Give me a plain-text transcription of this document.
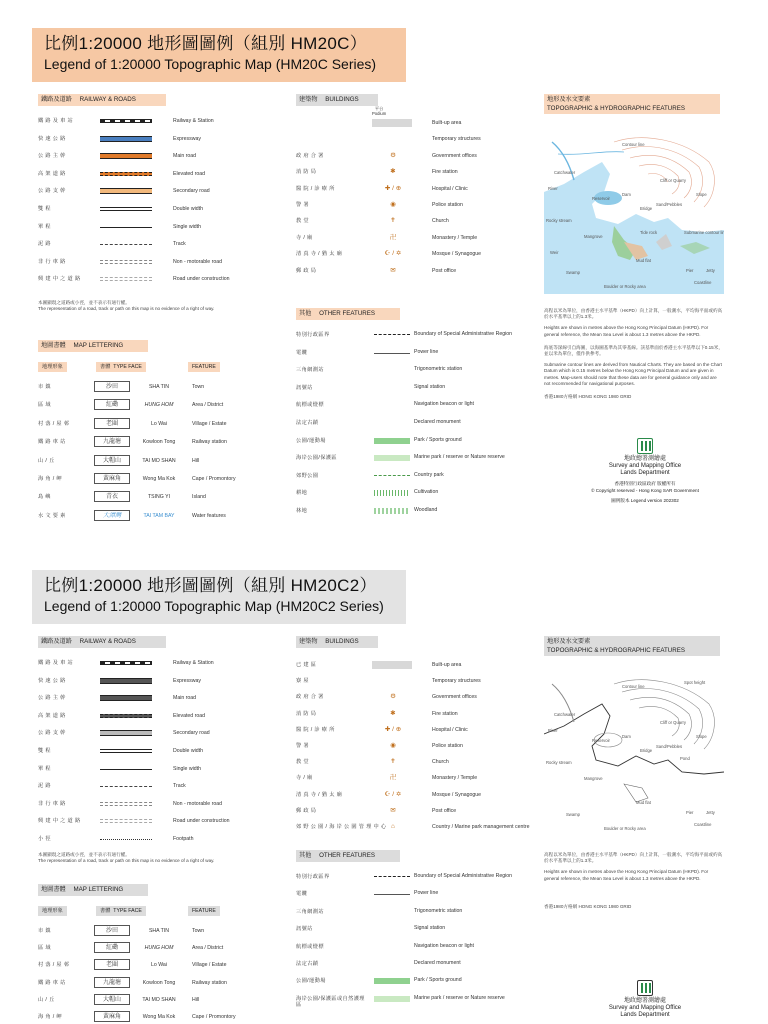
比例1:20000 地形圖圖例（組別 HM20C）
Legend of 1:20000 Topographic Map (HM20C Series)
鐵路及道路 RAILWAY & ROADS
鐵路及車站	Railway & Station
快速公路	Expressway
公路主幹	Main road
高架道路	Elevated road
公路支幹	Secondary road
雙程	Double width
單程	Single width
泥路	Track
非行車路	Non - motorable road
興建中之道路	Road under construction
本圖顯現之道路或小徑，並不表示有通行權。
The representation of a road, track or path on this map is no evidence of a right of way.
地圖書體 MAP LETTERING
地理形象	書體 TYPE FACE	FEATURE
市鎮	沙田	SHA TIN	Town
區域	紅磡	HUNG HOM	Area / District
村落/屋邨	老圍	Lo Wai	Village / Estate
鐵路車站	九龍塘	Kowloon Tong	Railway station
山/丘	大帽山	TAI MO SHAN	Hill
海角/岬	黃麻角	Wong Ma Kok	Cape / Promontory
島嶼	青衣	TSING YI	Island
水文要素	大潭灣	TAI TAM BAY	Water features
建築物 BUILDINGS
平台
Podium
Built-up area
Temporary structures
政府合署	⚙	Government offices
消防局	✱	Fire station
醫院/診療所	✚ / ⊕	Hospital / Clinic
警署	◉	Police station
教堂	✝	Church
寺/廟	卍	Monastery / Temple
清真寺/猶太廟	☪ / ✡	Mosque / Synagogue
郵政局	✉	Post office
其他 OTHER FEATURES
特別行政區界	Boundary of Special Administrative Region
電纜	Power line
三角網測站	Trigonometric station
訊號站	Signal station
航標或燈標	Navigation beacon or light
法定古蹟	Declared monument
公園/運動場	Park / Sports ground
海岸公園/保護區	Marine park / reserve or Nature reserve
郊野公園	Country park
耕地	Cultivation
林地	Woodland
地形及水文要素
TOPOGRAPHIC & HYDROGRAPHIC FEATURES
Contour line
Catchwater
River
Cliff or Quarry
Slope
Reservoir
Dam
Sand/Pebbles
Bridge
Rocky stream
Mangrove
Tide rock	Submarine contour line
Mud flat
Weir
Swamp
Boulder or Rocky area
Pier	Jetty
Coastline
高程以米為單位，由香港主水平基準（HKPD）向上計算，一般潮水，平均海平面或約高於水平基準以上的1.3米。
Heights are shown in metres above the Hong Kong Principal Datum (HKPD). For general reference, the Mean Sea Level is about 1.3 metres above the HKPD.
海底等深線引自海圖，以海圖基準為其零基線。該基準面於香港主水平基準以下0.15米，並以米為單位，僅作供參考。
Submarine contour lines are derived from Nautical Charts. They are based on the Chart Datum which is 0.15 metres below the Hong Kong Principal Datum and are given in metres. Map-users should note that these data are for general guidance only and are not recommended for navigational purposes.
香港1980方格網 HONG KONG 1980 GRID
地政總署測繪處
Survey and Mapping Office
Lands Department
香港特別行政區政府 版權所有
© Copyright reserved - Hong Kong SAR Government
圖例版本 Legend version 202302
比例1:20000 地形圖圖例（組別 HM20C2）
Legend of 1:20000 Topographic Map (HM20C2 Series)
鐵路及道路 RAILWAY & ROADS
鐵路及車站	Railway & Station
快速公路	Expressway
公路主幹	Main road
高架道路	Elevated road
公路支幹	Secondary road
雙程	Double width
單程	Single width
泥路	Track
非行車路	Non - motorable road
興建中之道路	Road under construction
小徑	Footpath
本圖顯現之道路或小徑，並不表示有通行權。
The representation of a road, track or path on this map is no evidence of a right of way.
地圖書體 MAP LETTERING
地理形象	書體 TYPE FACE	FEATURE
市鎮	沙田	SHA TIN	Town
區域	紅磡	HUNG HOM	Area / District
村落/屋邨	老圍	Lo Wai	Village / Estate
鐵路車站	九龍塘	Kowloon Tong	Railway station
山/丘	大帽山	TAI MO SHAN	Hill
海角/岬	黃麻角	Wong Ma Kok	Cape / Promontory
建築物 BUILDINGS
已建區	Built-up area
寮屋	Temporary structures
政府合署	⚙	Government offices
消防局	✱	Fire station
醫院/診療所	✚ / ⊕	Hospital / Clinic
警署	◉	Police station
教堂	✝	Church
寺/廟	卍	Monastery / Temple
清真寺/猶太廟	☪ / ✡	Mosque / Synagogue
郵政局	✉	Post office
郊野公園/海岸公園管理中心 ⌂	Country / Marine park management centre
其他 OTHER FEATURES
特別行政區界	Boundary of Special Administrative Region
電纜	Power line
三角網測站	Trigonometric station
訊號站	Signal station
航標或燈標	Navigation beacon or light
法定古蹟	Declared monument
公園/運動場	Park / Sports ground
海岸公園/保護區或自然護理區
Marine park / reserve or Nature reserve
地形及水文要素
TOPOGRAPHIC & HYDROGRAPHIC FEATURES
Contour line
Spot height
Catchwater
River
Cliff or Quarry
Slope
Reservoir
Dam
Sand/Pebbles
Bridge
Pond
Rocky stream
Mangrove
Mud flat
Swamp
Boulder or Rocky area
Pier	Jetty
Coastline
高程以米為單位，由香港主水平基準（HKPD）向上計算，一般潮水，平均海平面或約高於水平基準以上的1.3米。
Heights are shown in metres above the Hong Kong Principal Datum (HKPD). For general reference, the Mean Sea Level is about 1.3 metres above the HKPD.
香港1980方格網 HONG KONG 1980 GRID
地政總署測繪處
Survey and Mapping Office
Lands Department
